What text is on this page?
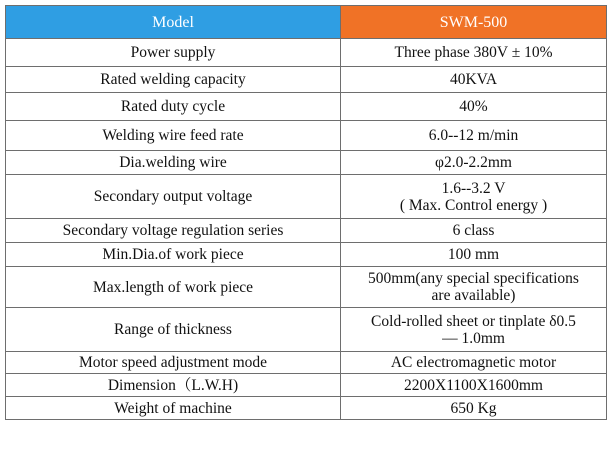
Model	SWM-500
Power supply	Three phase 380V ± 10%
Rated welding capacity	40KVA
Rated duty cycle	40%
Welding wire feed rate	6.0--12 m/min
Dia.welding wire	φ2.0-2.2mm
Secondary output voltage	1.6--3.2 V
( Max. Control energy )

Secondary voltage regulation series	6 class
Min.Dia.of work piece	100 mm
Max.length of work piece	500mm(any special specifications
are available)

Range of thickness	Cold-rolled sheet or tinplate δ0.5
— 1.0mm

Motor speed adjustment mode	AC electromagnetic motor
Dimension（L.W.H)	2200X1100X1600mm
Weight of machine	650 Kg
